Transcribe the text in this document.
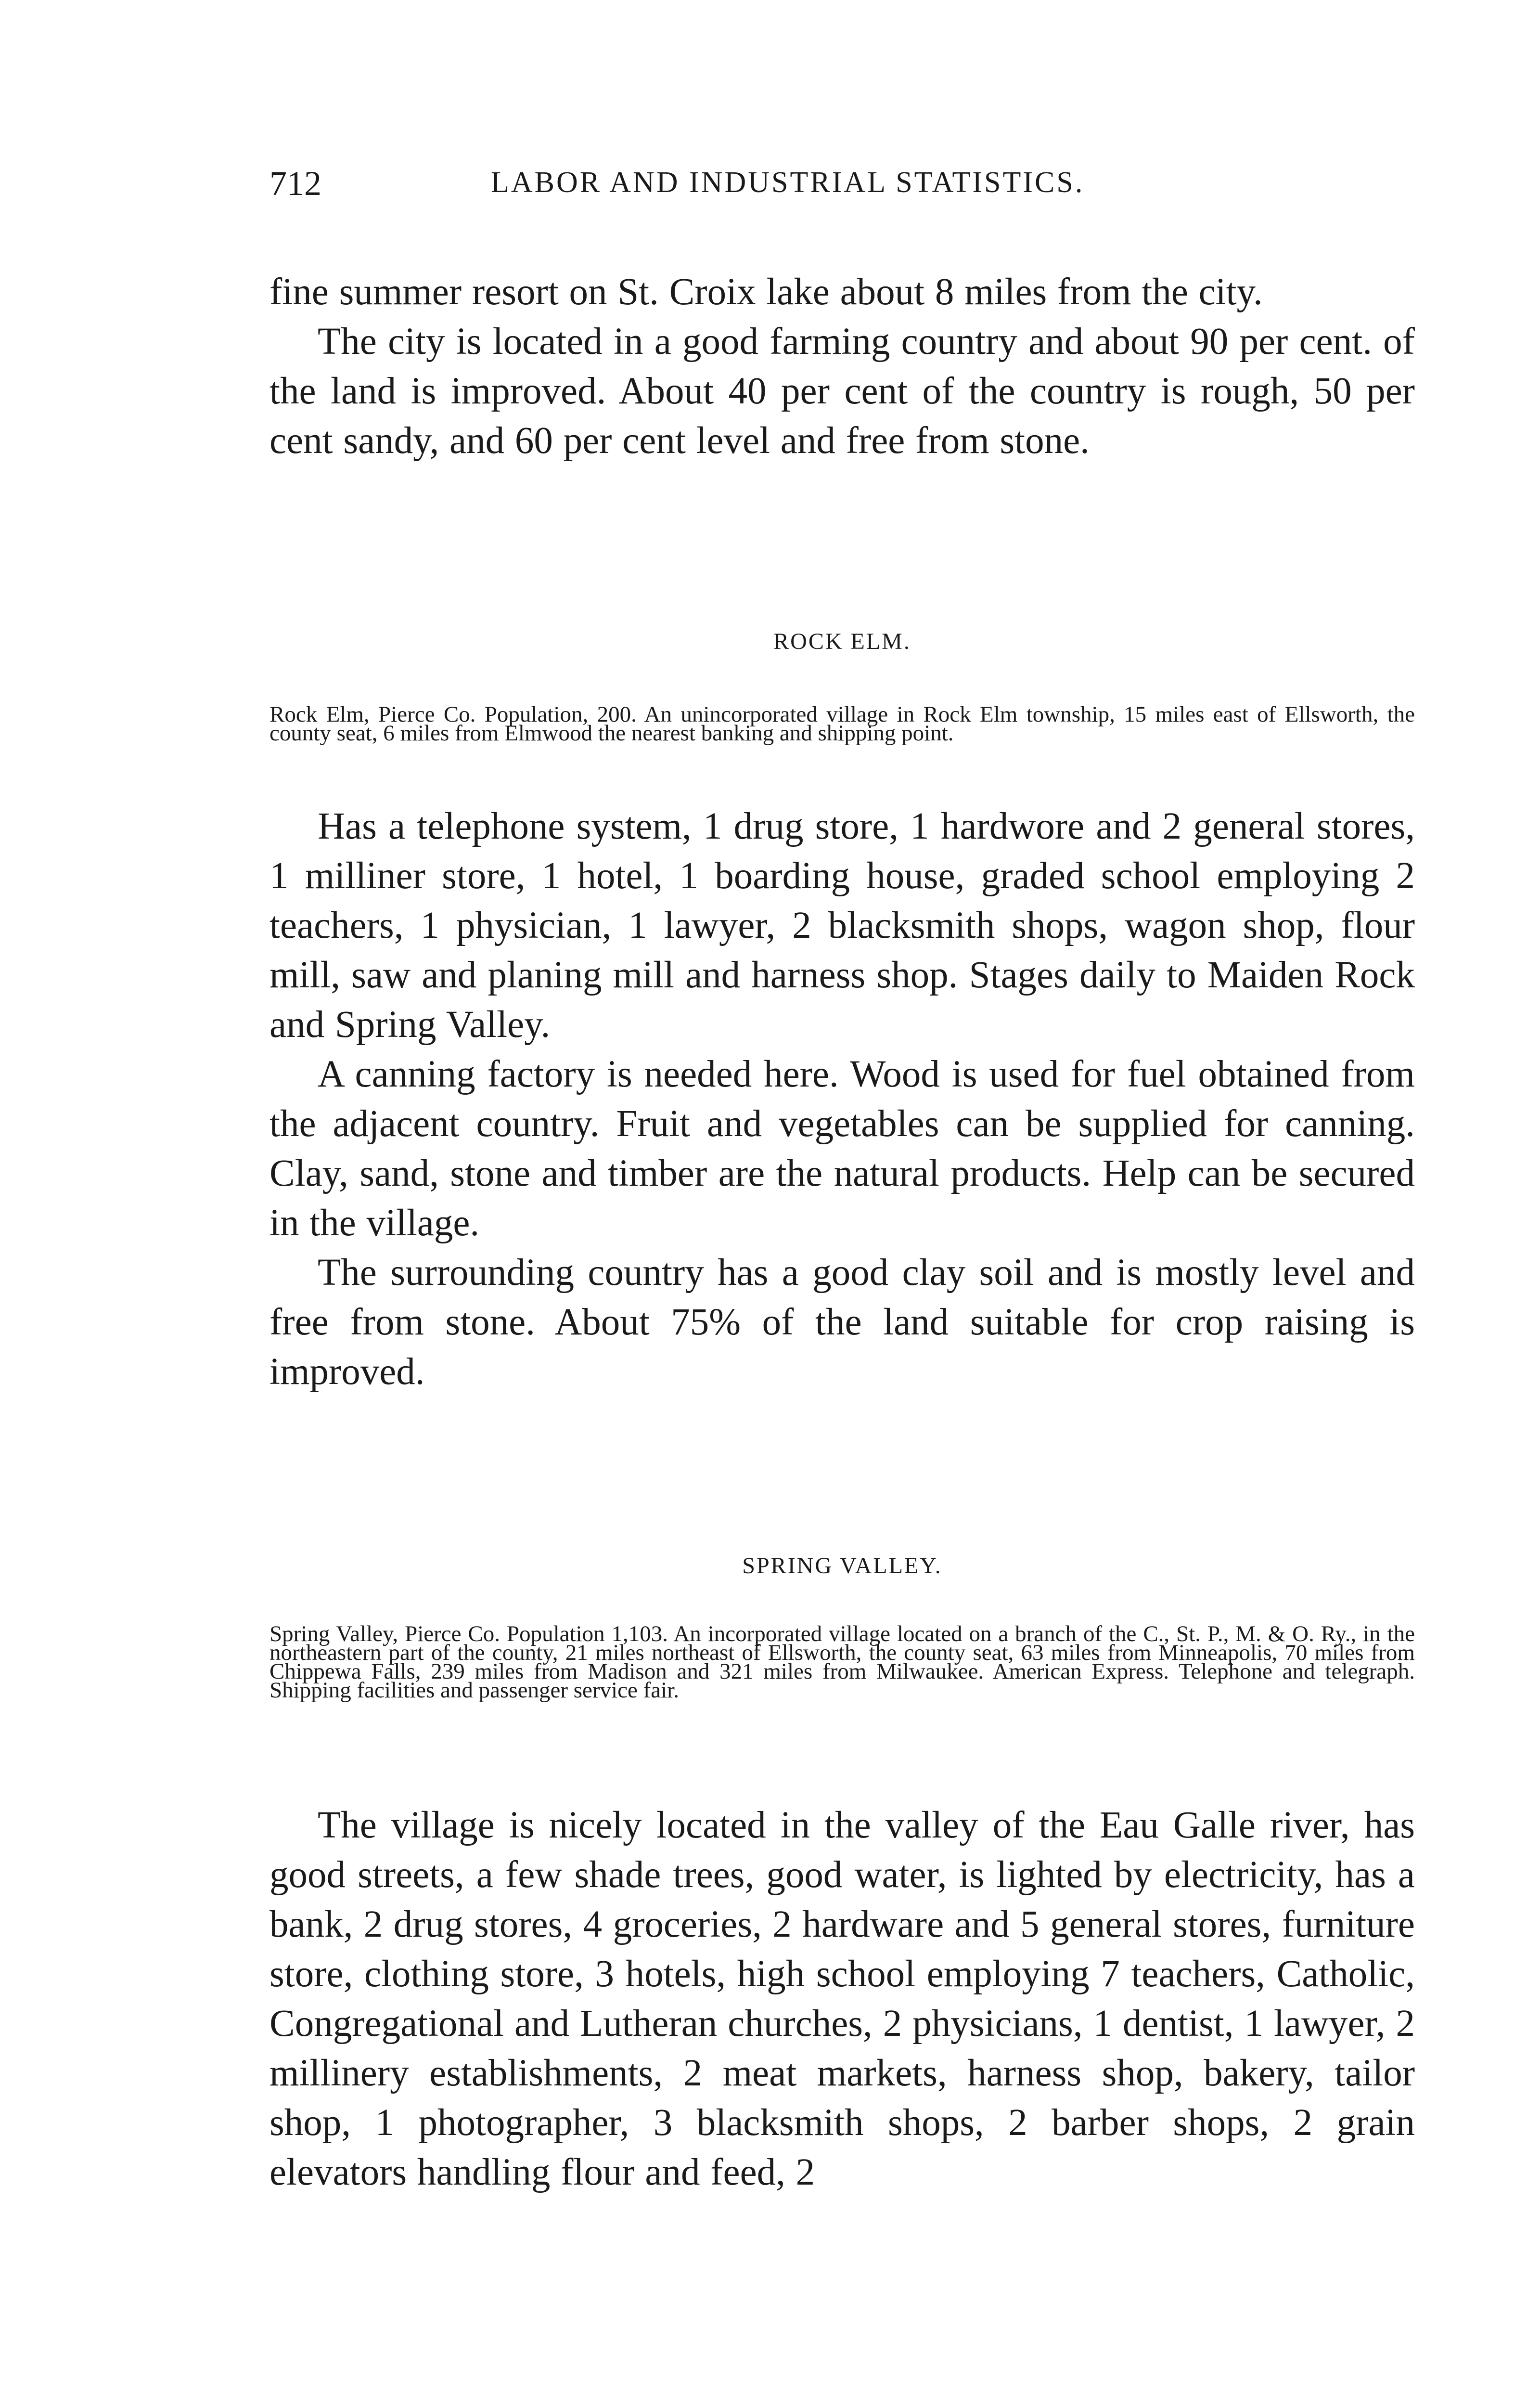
712	LABOR AND INDUSTRIAL STATISTICS.

fine summer resort on St. Croix lake about 8 miles from the city.

The city is located in a good farming country and about 90 per cent. of the land is improved. About 40 per cent of the country is rough, 50 per cent sandy, and 60 per cent level and free from stone.

ROCK ELM.

Rock Elm, Pierce Co. Population, 200. An unincorporated village in Rock Elm township, 15 miles east of Ellsworth, the county seat, 6 miles from Elmwood the nearest banking and shipping point.

Has a telephone system, 1 drug store, 1 hardwore and 2 general stores, 1 milliner store, 1 hotel, 1 boarding house, graded school employing 2 teachers, 1 physician, 1 lawyer, 2 blacksmith shops, wagon shop, flour mill, saw and planing mill and harness shop. Stages daily to Maiden Rock and Spring Valley.

A canning factory is needed here. Wood is used for fuel obtained from the adjacent country. Fruit and vegetables can be supplied for canning. Clay, sand, stone and timber are the natural products. Help can be secured in the village.

The surrounding country has a good clay soil and is mostly level and free from stone. About 75% of the land suitable for crop raising is improved.

SPRING VALLEY.

Spring Valley, Pierce Co. Population 1,103. An incorporated village located on a branch of the C., St. P., M. & O. Ry., in the northeastern part of the county, 21 miles northeast of Ellsworth, the county seat, 63 miles from Minneapolis, 70 miles from Chippewa Falls, 239 miles from Madison and 321 miles from Milwaukee. American Express. Telephone and telegraph. Shipping facilities and passenger service fair.

The village is nicely located in the valley of the Eau Galle river, has good streets, a few shade trees, good water, is lighted by electricity, has a bank, 2 drug stores, 4 groceries, 2 hardware and 5 general stores, furniture store, clothing store, 3 hotels, high school employing 7 teachers, Catholic, Congregational and Lutheran churches, 2 physicians, 1 dentist, 1 lawyer, 2 millinery establishments, 2 meat markets, harness shop, bakery, tailor shop, 1 photographer, 3 blacksmith shops, 2 barber shops, 2 grain elevators handling flour and feed, 2
